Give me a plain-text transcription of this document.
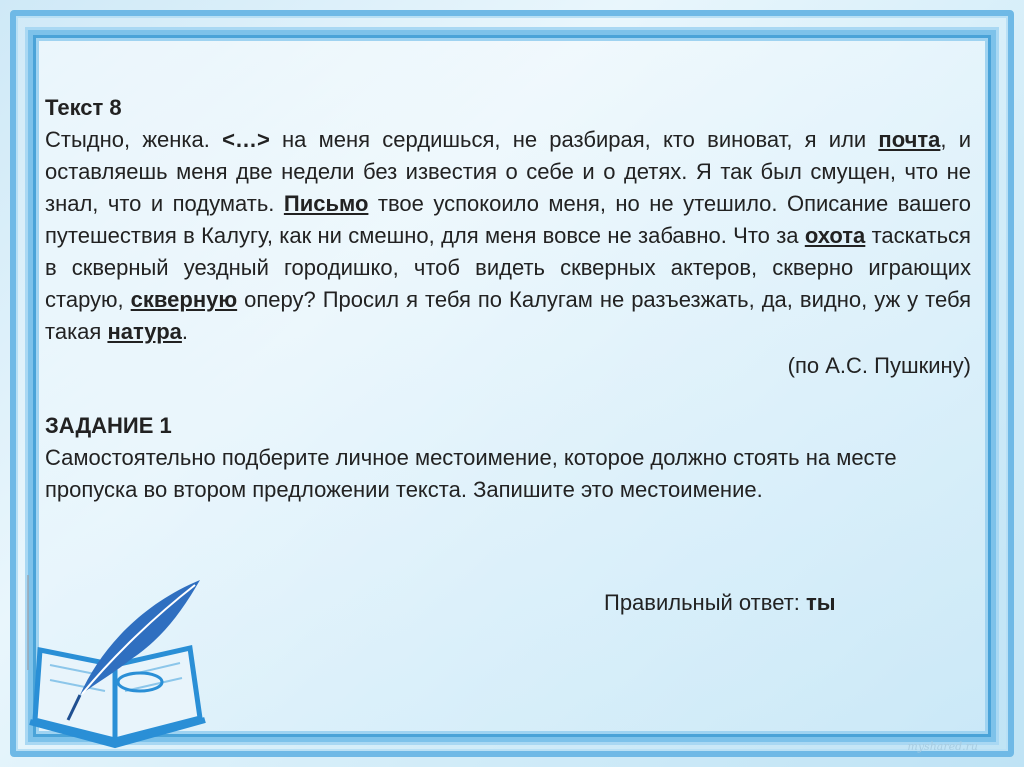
Текст 8
Стыдно, женка. <…> на меня сердишься, не разбирая, кто виноват, я или почта, и оставляешь меня две недели без известия о себе и о детях. Я так был смущен, что не знал, что и подумать. Письмо твое успокоило меня, но не утешило. Описание вашего путешествия в Калугу, как ни смешно, для меня вовсе не забавно. Что за охота таскаться в скверный уездный городишко, чтоб видеть скверных актеров, скверно играющих старую, скверную оперу? Просил я тебя по Калугам не разъезжать, да, видно, уж у тебя такая натура.
(по А.С. Пушкину)
ЗАДАНИЕ 1
Самостоятельно подберите личное местоимение, которое должно стоять на месте пропуска во втором предложении текста. Запишите это местоимение.
Правильный ответ: ты
myshared.ru
